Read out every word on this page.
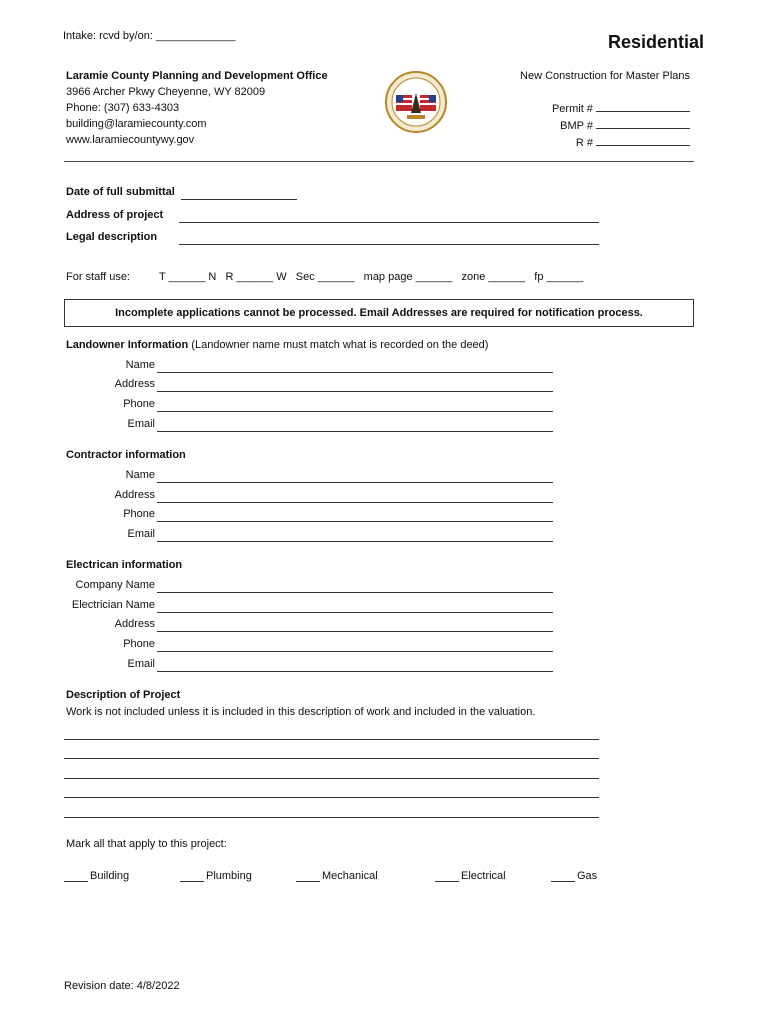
Intake: rcvd by/on: _____________	Residential
Laramie County Planning and Development Office
3966 Archer Pkwy Cheyenne, WY 82009
Phone: (307) 633-4303
building@laramiecounty.com
www.laramiecountywy.gov
New Construction for Master Plans
Permit #
BMP #
R #
Date of full submittal
Address of project
Legal description
For staff use:	T ______ N   R ______ W   Sec ______   map page ______   zone ______   fp ______
Incomplete applications cannot be processed. Email Addresses are required for notification process.
Landowner Information (Landowner name must match what is recorded on the deed)
Name
Address
Phone
Email
Contractor information
Name
Address
Phone
Email
Electrican information
Company Name
Electrician Name
Address
Phone
Email
Description of Project
Work is not included unless it is included in this description of work and included in the valuation.
Mark all that apply to this project:
Building	Plumbing	Mechanical	Electrical	Gas
Revision date: 4/8/2022
